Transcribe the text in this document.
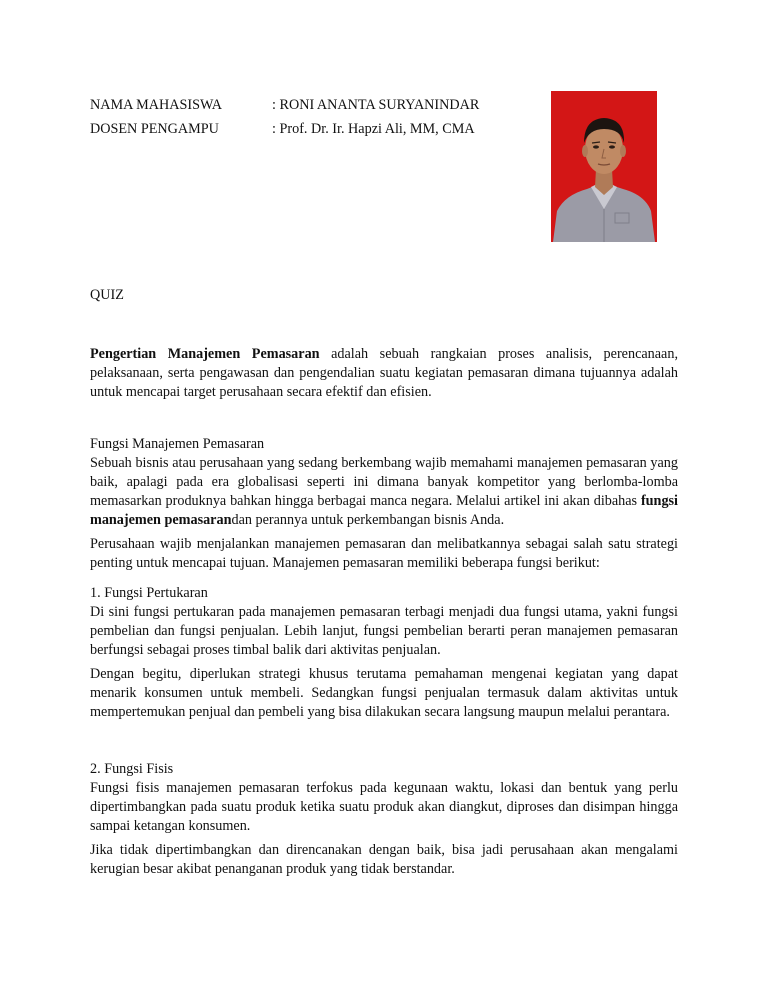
NAMA MAHASISWA	: RONI ANANTA SURYANINDAR
DOSEN PENGAMPU	: Prof. Dr. Ir. Hapzi Ali, MM, CMA
QUIZ

Pengertian Manajemen Pemasaran adalah sebuah rangkaian proses analisis, perencanaan, pelaksanaan, serta pengawasan dan pengendalian suatu kegiatan pemasaran dimana tujuannya adalah untuk mencapai target perusahaan secara efektif dan efisien.

Fungsi Manajemen Pemasaran

Sebuah bisnis atau perusahaan yang sedang berkembang wajib memahami manajemen pemasaran yang baik, apalagi pada era globalisasi seperti ini dimana banyak kompetitor yang berlomba-lomba memasarkan produknya bahkan hingga berbagai manca negara. Melalui artikel ini akan dibahas fungsi manajemen pemasarandan perannya untuk perkembangan bisnis Anda.

Perusahaan wajib menjalankan manajemen pemasaran dan melibatkannya sebagai salah satu strategi penting untuk mencapai tujuan. Manajemen pemasaran memiliki beberapa fungsi berikut:

1. Fungsi Pertukaran

Di sini fungsi pertukaran pada manajemen pemasaran terbagi menjadi dua fungsi utama, yakni fungsi pembelian dan fungsi penjualan. Lebih lanjut, fungsi pembelian berarti peran manajemen pemasaran berfungsi sebagai proses timbal balik dari aktivitas penjualan.

Dengan begitu, diperlukan strategi khusus terutama pemahaman mengenai kegiatan yang dapat menarik konsumen untuk membeli. Sedangkan fungsi penjualan termasuk dalam aktivitas untuk mempertemukan penjual dan pembeli yang bisa dilakukan secara langsung maupun melalui perantara.

2. Fungsi Fisis

Fungsi fisis manajemen pemasaran terfokus pada kegunaan waktu, lokasi dan bentuk yang perlu dipertimbangkan pada suatu produk ketika suatu produk akan diangkut, diproses dan disimpan hingga sampai ketangan konsumen.

Jika tidak dipertimbangkan dan direncanakan dengan baik, bisa jadi perusahaan akan mengalami kerugian besar akibat penanganan produk yang tidak berstandar.
